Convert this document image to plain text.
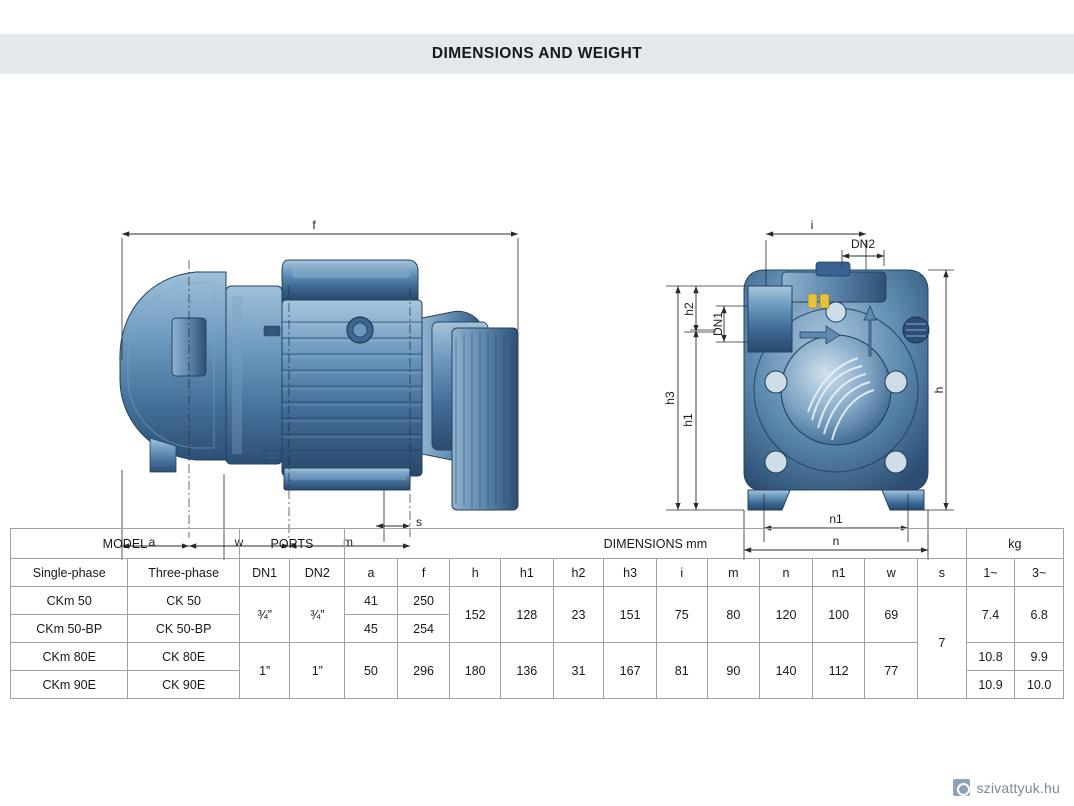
DIMENSIONS AND WEIGHT
f
a	w	m
s
i
DN2
DN1
h2
h3
h1
h
n1
n
MODEL		PORTS		DIMENSIONS mm												kg	
Single-phase	Three-phase	DN1	DN2	a	f	h	h1	h2	h3	i	m	n	n1	w	s	1~	3~
CKm 50	CK 50	¾”	¾”	41	250	152	128	23	151	75	80	120	100	69	7	7.4	6.8
CKm 50-BP	CK 50-BP			45	254												
CKm 80E	CK 80E	1”	1”	50	296	180	136	31	167	81	90	140	112	77		10.8	9.9
CKm 90E	CK 90E															10.9	10.0
szivattyuk.hu
